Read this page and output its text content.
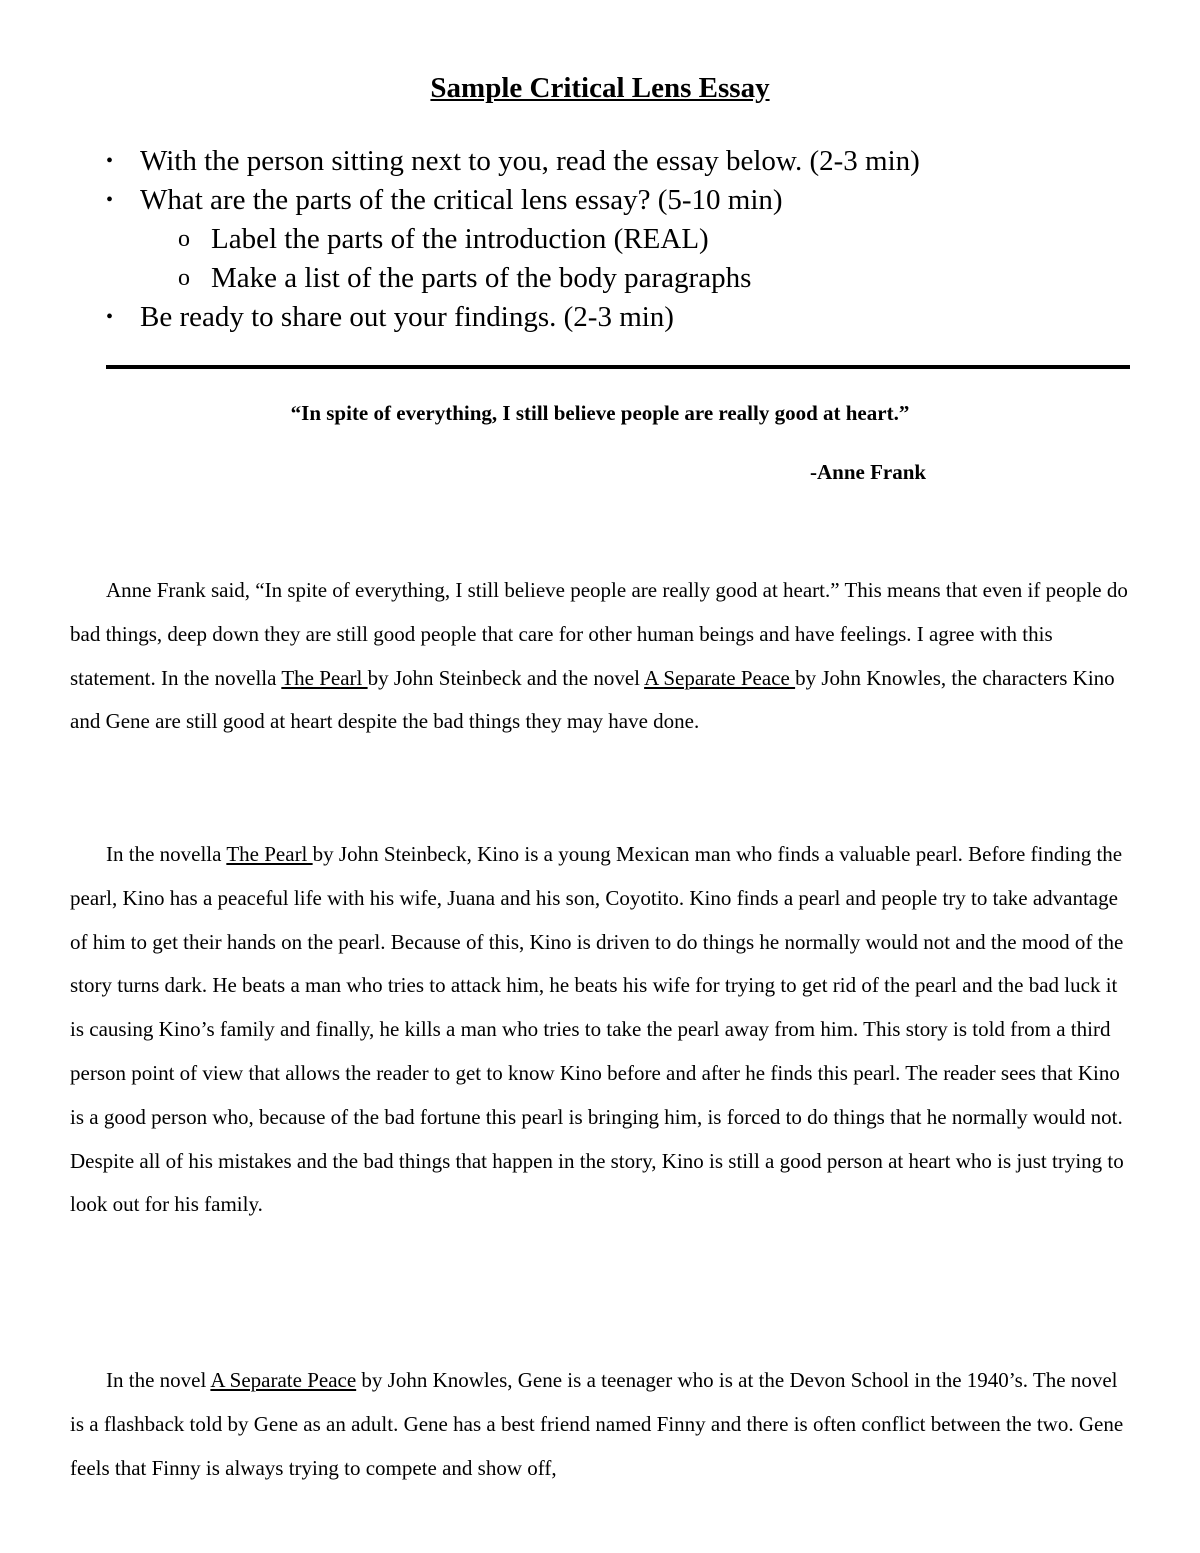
Sample Critical Lens Essay
• With the person sitting next to you, read the essay below. (2-3 min)
• What are the parts of the critical lens essay? (5-10 min)
o Label the parts of the introduction (REAL)
o Make a list of the parts of the body paragraphs
• Be ready to share out your findings. (2-3 min)
“In spite of everything, I still believe people are really good at heart.”
-Anne Frank

Anne Frank said, “In spite of everything, I still believe people are really good at heart.” This means that even if people do bad things, deep down they are still good people that care for other human beings and have feelings. I agree with this statement. In the novella The Pearl by John Steinbeck and the novel A Separate Peace by John Knowles, the characters Kino and Gene are still good at heart despite the bad things they may have done.

In the novella The Pearl by John Steinbeck, Kino is a young Mexican man who finds a valuable pearl. Before finding the pearl, Kino has a peaceful life with his wife, Juana and his son, Coyotito. Kino finds a pearl and people try to take advantage of him to get their hands on the pearl. Because of this, Kino is driven to do things he normally would not and the mood of the story turns dark. He beats a man who tries to attack him, he beats his wife for trying to get rid of the pearl and the bad luck it is causing Kino’s family and finally, he kills a man who tries to take the pearl away from him. This story is told from a third person point of view that allows the reader to get to know Kino before and after he finds this pearl. The reader sees that Kino is a good person who, because of the bad fortune this pearl is bringing him, is forced to do things that he normally would not. Despite all of his mistakes and the bad things that happen in the story, Kino is still a good person at heart who is just trying to look out for his family.

In the novel A Separate Peace by John Knowles, Gene is a teenager who is at the Devon School in the 1940’s. The novel is a flashback told by Gene as an adult. Gene has a best friend named Finny and there is often conflict between the two. Gene feels that Finny is always trying to compete and show off,
